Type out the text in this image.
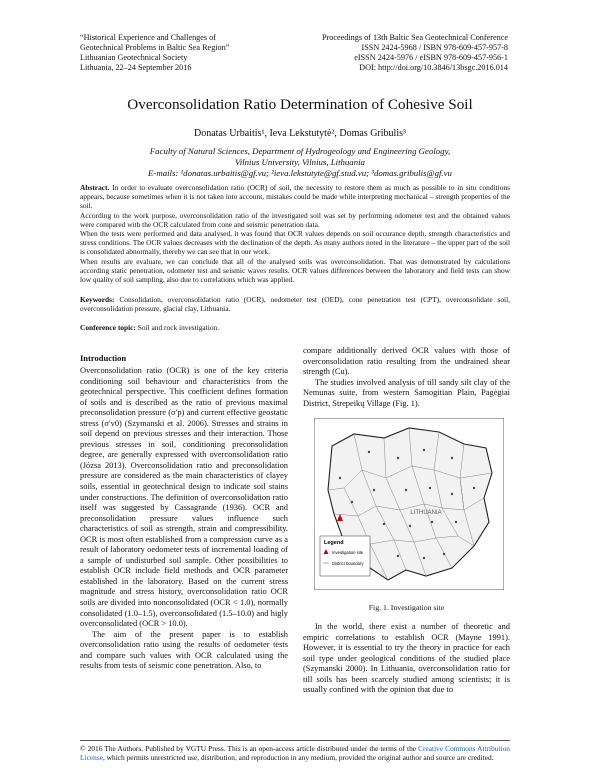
“Historical Experience and Challenges of
Geotechnical Problems in Baltic Sea Region”
Lithuanian Geotechnical Society
Lithuania, 22–24 September 2016
Proceedings of 13th Baltic Sea Geotechnical Conference
ISSN 2424-5968 / ISBN 978-609-457-957-8
eISSN 2424-5976 / eISBN 978-609-457-956-1
DOI: http://doi.org/10.3846/13bsgc.2016.014
Overconsolidation Ratio Determination of Cohesive Soil
Donatas Urbaitis¹, Ieva Lekstutytė², Domas Gribulis³
Faculty of Natural Sciences, Department of Hydrogeology and Engineering Geology,
Vilnius University, Vilnius, Lithuania
E-mails: ¹donatas.urbaitis@gf.vu; ²ieva.lekstutyte@gf.stud.vu; ³domas.gribulis@gf.vu

Abstract. In order to evaluate overconsolidation ratio (OCR) of soil, the necessity to restore them as much as possible to in situ conditions appears, because sometimes when it is not taken into account, mistakes could be made while interpreting mechanical – strength properties of the soil.

According to the work purpose, overconsolidation ratio of the investigated soil was set by performing odometer test and the obtained values were compared with the OCR calculated from cone and seismic penetration data.

When the tests were performed and data analysed, it was found that OCR values depends on soil occurance depth, strength characteristics and stress conditions. The OCR values decreases with the declination of the depth. As many authors noted in the literature – the upper part of the soil is consolidated abnormally, thereby we can see that in our work.

When results are evaluate, we can conclude that all of the analysed soils was overconsolidation. That was demonstrated by calculations according static penetration, odometer test and seismic waves results. OCR values differences between the laboratory and field tests can show low quality of soil sampling, also due to correlations which was applied.

Keywords: Consolidation, overconsolidation ratio (OCR), oedometer test (OED), cone penetration test (CPT), overconsolidate soil, overconsolidation pressure, glacial clay, Lithuania.
Conference topic: Soil and rock investigation.
Introduction

Overconsolidation ratio (OCR) is one of the key criteria conditioning soil behaviour and characteristics from the geotechnical perspective. This coefficient defines formation of soils and is described as the ratio of previous maximal preconsolidation pressure (σ′p) and current effective geostatic stress (σ′v0) (Szymanski et al. 2006). Stresses and strains in soil depend on previous stresses and their interaction. Those previous stresses in soil, conditioning preconsolidation degree, are generally expressed with overconsolidation ratio (Józsa 2013). Overconsolidation ratio and preconsolidation pressure are considered as the main characteristics of clayey soils, essential in geotechnical design to indicate soil stains under constructions. The definition of overconsolidation ratio itself was suggested by Cassagrande (1936). OCR and preconsolidation pressure values influence such characteristics of soil as strength, strain and compressibility. OCR is most often established from a compression curve as a result of laboratory oedometer tests of incremental loading of a sample of undisturbed soil sample. Other possibilities to establish OCR include field methods and OCR parameter established in the laboratory. Based on the current stress magnitude and stress history, overconsolidation ratio OCR soils are divided into nonconsolidated (OCR < 1.0), normally consolidated (1.0–1.5), overconsolidated (1.5–10.0) and higly overconsolidated (OCR > 10.0).

The aim of the present paper is to establish overconsolidation ratio using the results of oedometer tests and compare such values with OCR calculated using the results from tests of seismic cone penetration. Also, to

compare additionally derived OCR values with those of overconsolidation ratio resulting from the undrained shear strength (Cu).

The studies involved analysis of till sandy silt clay of the Nemunas suite, from western Samogitian Plain, Pagėgiai District, Strepeikų Village (Fig. 1).

LITHUANIA
Legend
Investigation site
District boundary
Fig. 1. Investigation site

In the world, there exist a number of theoretic and empiric correlations to establish OCR (Mayne 1991). However, it is essential to try the theory in practice for each soil type under geological conditions of the studied place (Szymanski 2000). In Lithuania, overconsolidation ratio for till soils has been scarcely studied among scientists; it is usually confined with the opinion that due to

© 2016 The Authors. Published by VGTU Press. This is an open-access article distributed under the terms of the Creative Commons Attribution License, which permits unrestricted use, distribution, and reproduction in any medium, provided the original author and source are credited.
